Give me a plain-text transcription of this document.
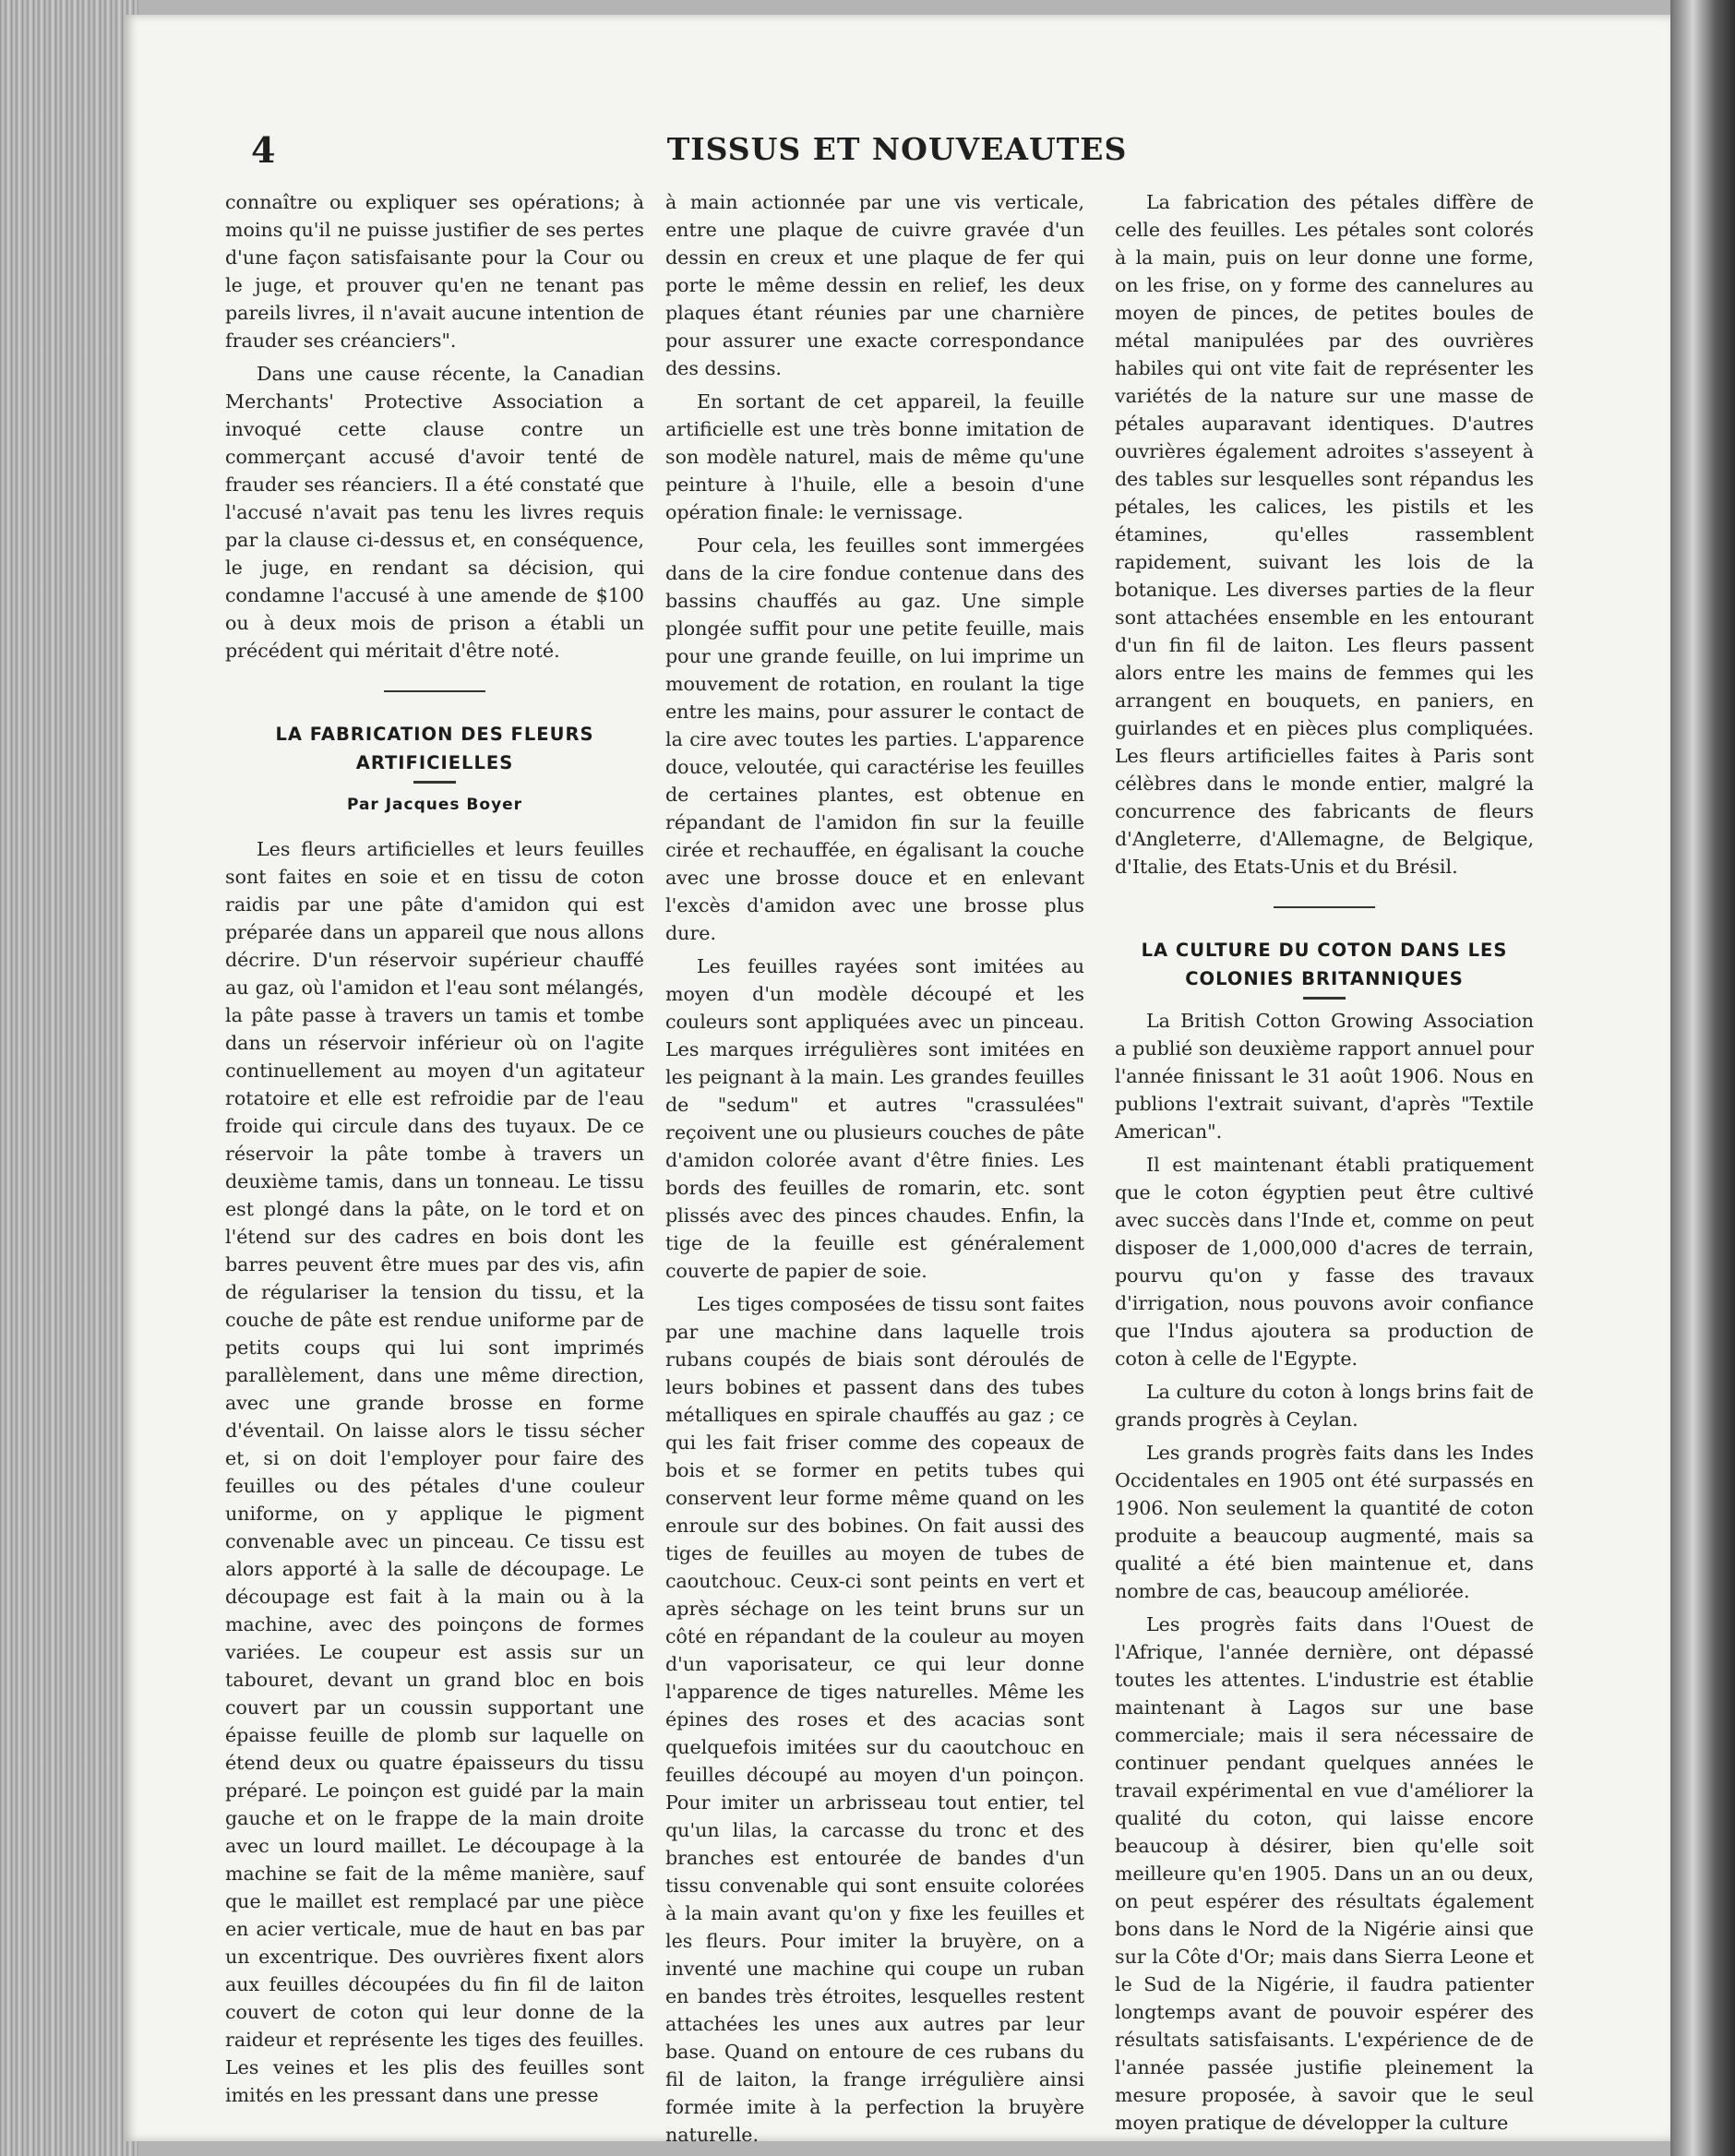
4	TISSUS ET NOUVEAUTES

connaître ou expliquer ses opérations; à moins qu'il ne puisse justifier de ses pertes d'une façon satisfaisante pour la Cour ou le juge, et prouver qu'en ne tenant pas pareils livres, il n'avait aucune intention de frauder ses créanciers".

Dans une cause récente, la Canadian Merchants' Protective Association a invoqué cette clause contre un commerçant accusé d'avoir tenté de frauder ses réanciers. Il a été constaté que l'accusé n'avait pas tenu les livres requis par la clause ci-dessus et, en conséquence, le juge, en rendant sa décision, qui condamne l'accusé à une amende de $100 ou à deux mois de prison a établi un précédent qui méritait d'être noté.

LA FABRICATION DES FLEURS ARTIFICIELLES
Par Jacques Boyer

Les fleurs artificielles et leurs feuilles sont faites en soie et en tissu de coton raidis par une pâte d'amidon qui est préparée dans un appareil que nous allons décrire. D'un réservoir supérieur chauffé au gaz, où l'amidon et l'eau sont mélangés, la pâte passe à travers un tamis et tombe dans un réservoir inférieur où on l'agite continuellement au moyen d'un agitateur rotatoire et elle est refroidie par de l'eau froide qui circule dans des tuyaux. De ce réservoir la pâte tombe à travers un deuxième tamis, dans un tonneau. Le tissu est plongé dans la pâte, on le tord et on l'étend sur des cadres en bois dont les barres peuvent être mues par des vis, afin de régulariser la tension du tissu, et la couche de pâte est rendue uniforme par de petits coups qui lui sont imprimés parallèlement, dans une même direction, avec une grande brosse en forme d'éventail. On laisse alors le tissu sécher et, si on doit l'employer pour faire des feuilles ou des pétales d'une couleur uniforme, on y applique le pigment convenable avec un pinceau. Ce tissu est alors apporté à la salle de découpage. Le découpage est fait à la main ou à la machine, avec des poinçons de formes variées. Le coupeur est assis sur un tabouret, devant un grand bloc en bois couvert par un coussin supportant une épaisse feuille de plomb sur laquelle on étend deux ou quatre épaisseurs du tissu préparé. Le poinçon est guidé par la main gauche et on le frappe de la main droite avec un lourd maillet. Le découpage à la machine se fait de la même manière, sauf que le maillet est remplacé par une pièce en acier verticale, mue de haut en bas par un excentrique. Des ouvrières fixent alors aux feuilles découpées du fin fil de laiton couvert de coton qui leur donne de la raideur et représente les tiges des feuilles. Les veines et les plis des feuilles sont imités en les pressant dans une presse

à main actionnée par une vis verticale, entre une plaque de cuivre gravée d'un dessin en creux et une plaque de fer qui porte le même dessin en relief, les deux plaques étant réunies par une charnière pour assurer une exacte correspondance des dessins.

En sortant de cet appareil, la feuille artificielle est une très bonne imitation de son modèle naturel, mais de même qu'une peinture à l'huile, elle a besoin d'une opération finale: le vernissage.

Pour cela, les feuilles sont immergées dans de la cire fondue contenue dans des bassins chauffés au gaz. Une simple plongée suffit pour une petite feuille, mais pour une grande feuille, on lui imprime un mouvement de rotation, en roulant la tige entre les mains, pour assurer le contact de la cire avec toutes les parties. L'apparence douce, veloutée, qui caractérise les feuilles de certaines plantes, est obtenue en répandant de l'amidon fin sur la feuille cirée et rechauffée, en égalisant la couche avec une brosse douce et en enlevant l'excès d'amidon avec une brosse plus dure.

Les feuilles rayées sont imitées au moyen d'un modèle découpé et les couleurs sont appliquées avec un pinceau. Les marques irrégulières sont imitées en les peignant à la main. Les grandes feuilles de "sedum" et autres "crassulées" reçoivent une ou plusieurs couches de pâte d'amidon colorée avant d'être finies. Les bords des feuilles de romarin, etc. sont plissés avec des pinces chaudes. Enfin, la tige de la feuille est généralement couverte de papier de soie.

Les tiges composées de tissu sont faites par une machine dans laquelle trois rubans coupés de biais sont déroulés de leurs bobines et passent dans des tubes métalliques en spirale chauffés au gaz ; ce qui les fait friser comme des copeaux de bois et se former en petits tubes qui conservent leur forme même quand on les enroule sur des bobines. On fait aussi des tiges de feuilles au moyen de tubes de caoutchouc. Ceux-ci sont peints en vert et après séchage on les teint bruns sur un côté en répandant de la couleur au moyen d'un vaporisateur, ce qui leur donne l'apparence de tiges naturelles. Même les épines des roses et des acacias sont quelquefois imitées sur du caoutchouc en feuilles découpé au moyen d'un poinçon. Pour imiter un arbrisseau tout entier, tel qu'un lilas, la carcasse du tronc et des branches est entourée de bandes d'un tissu convenable qui sont ensuite colorées à la main avant qu'on y fixe les feuilles et les fleurs. Pour imiter la bruyère, on a inventé une machine qui coupe un ruban en bandes très étroites, lesquelles restent attachées les unes aux autres par leur base. Quand on entoure de ces rubans du fil de laiton, la frange irrégulière ainsi formée imite à la perfection la bruyère naturelle.

La fabrication des pétales diffère de celle des feuilles. Les pétales sont colorés à la main, puis on leur donne une forme, on les frise, on y forme des cannelures au moyen de pinces, de petites boules de métal manipulées par des ouvrières habiles qui ont vite fait de représenter les variétés de la nature sur une masse de pétales auparavant identiques. D'autres ouvrières également adroites s'asseyent à des tables sur lesquelles sont répandus les pétales, les calices, les pistils et les étamines, qu'elles rassemblent rapidement, suivant les lois de la botanique. Les diverses parties de la fleur sont attachées ensemble en les entourant d'un fin fil de laiton. Les fleurs passent alors entre les mains de femmes qui les arrangent en bouquets, en paniers, en guirlandes et en pièces plus compliquées. Les fleurs artificielles faites à Paris sont célèbres dans le monde entier, malgré la concurrence des fabricants de fleurs d'Angleterre, d'Allemagne, de Belgique, d'Italie, des Etats-Unis et du Brésil.

LA CULTURE DU COTON DANS LES COLONIES BRITANNIQUES

La British Cotton Growing Association a publié son deuxième rapport annuel pour l'année finissant le 31 août 1906. Nous en publions l'extrait suivant, d'après "Textile American".

Il est maintenant établi pratiquement que le coton égyptien peut être cultivé avec succès dans l'Inde et, comme on peut disposer de 1,000,000 d'acres de terrain, pourvu qu'on y fasse des travaux d'irrigation, nous pouvons avoir confiance que l'Indus ajoutera sa production de coton à celle de l'Egypte.

La culture du coton à longs brins fait de grands progrès à Ceylan.

Les grands progrès faits dans les Indes Occidentales en 1905 ont été surpassés en 1906. Non seulement la quantité de coton produite a beaucoup augmenté, mais sa qualité a été bien maintenue et, dans nombre de cas, beaucoup améliorée.

Les progrès faits dans l'Ouest de l'Afrique, l'année dernière, ont dépassé toutes les attentes. L'industrie est établie maintenant à Lagos sur une base commerciale; mais il sera nécessaire de continuer pendant quelques années le travail expérimental en vue d'améliorer la qualité du coton, qui laisse encore beaucoup à désirer, bien qu'elle soit meilleure qu'en 1905. Dans un an ou deux, on peut espérer des résultats également bons dans le Nord de la Nigérie ainsi que sur la Côte d'Or; mais dans Sierra Leone et le Sud de la Nigérie, il faudra patienter longtemps avant de pouvoir espérer des résultats satisfaisants. L'expérience de de l'année passée justifie pleinement la mesure proposée, à savoir que le seul moyen pratique de développer la culture
